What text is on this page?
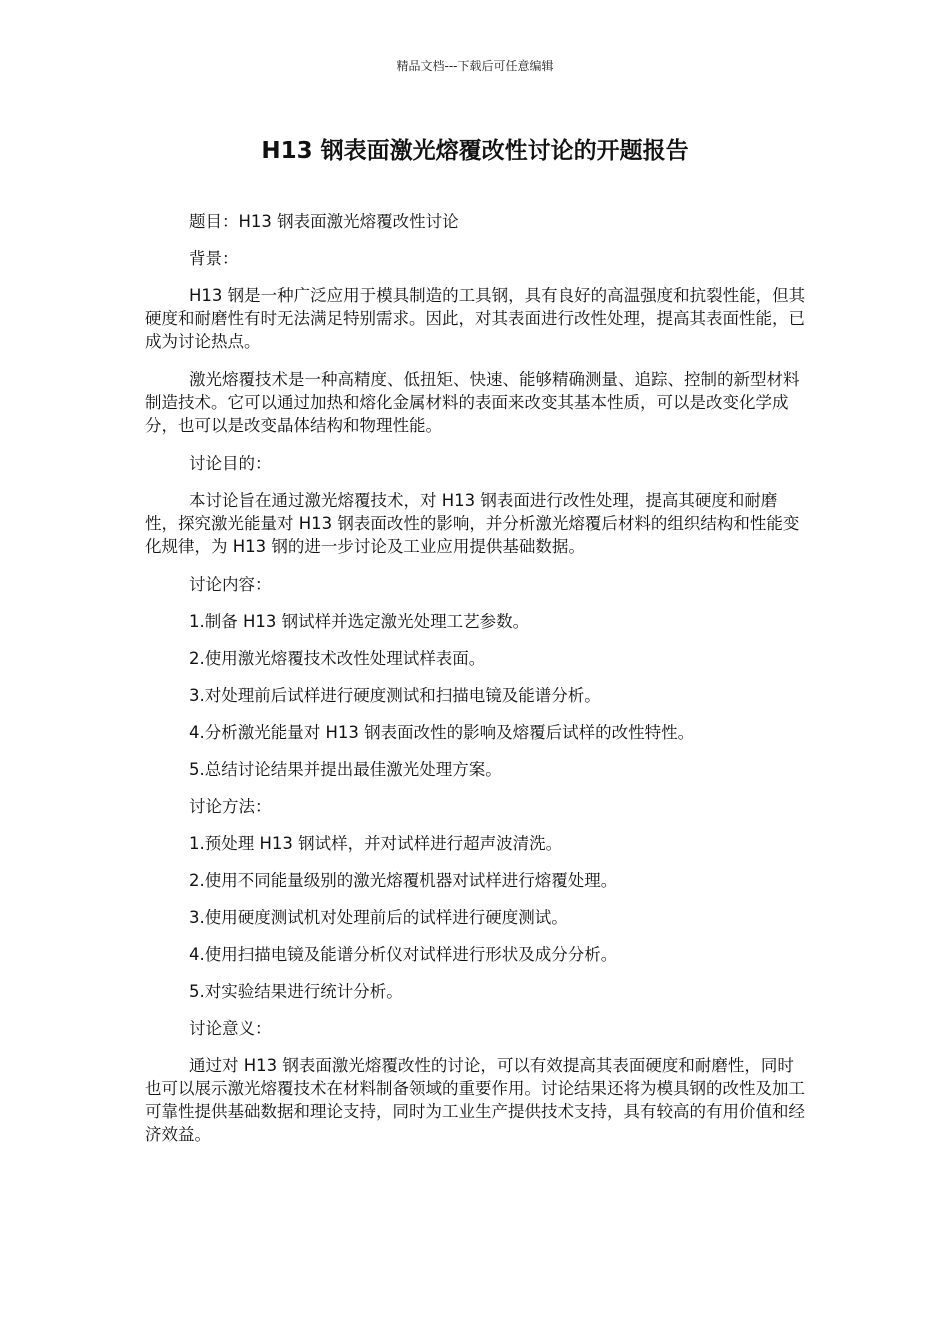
精品文档---下载后可任意编辑
H13 钢表面激光熔覆改性讨论的开题报告

题目：H13 钢表面激光熔覆改性讨论

背景：

H13 钢是一种广泛应用于模具制造的工具钢，具有良好的高温强度和抗裂性能，但其硬度和耐磨性有时无法满足特别需求。因此，对其表面进行改性处理，提高其表面性能，已成为讨论热点。

激光熔覆技术是一种高精度、低扭矩、快速、能够精确测量、追踪、控制的新型材料制造技术。它可以通过加热和熔化金属材料的表面来改变其基本性质，可以是改变化学成分，也可以是改变晶体结构和物理性能。

讨论目的：

本讨论旨在通过激光熔覆技术，对 H13 钢表面进行改性处理，提高其硬度和耐磨性，探究激光能量对 H13 钢表面改性的影响，并分析激光熔覆后材料的组织结构和性能变化规律，为 H13 钢的进一步讨论及工业应用提供基础数据。

讨论内容：

1.制备 H13 钢试样并选定激光处理工艺参数。

2.使用激光熔覆技术改性处理试样表面。

3.对处理前后试样进行硬度测试和扫描电镜及能谱分析。

4.分析激光能量对 H13 钢表面改性的影响及熔覆后试样的改性特性。

5.总结讨论结果并提出最佳激光处理方案。

讨论方法：

1.预处理 H13 钢试样，并对试样进行超声波清洗。

2.使用不同能量级别的激光熔覆机器对试样进行熔覆处理。

3.使用硬度测试机对处理前后的试样进行硬度测试。

4.使用扫描电镜及能谱分析仪对试样进行形状及成分分析。

5.对实验结果进行统计分析。

讨论意义：

通过对 H13 钢表面激光熔覆改性的讨论，可以有效提高其表面硬度和耐磨性，同时也可以展示激光熔覆技术在材料制备领域的重要作用。讨论结果还将为模具钢的改性及加工可靠性提供基础数据和理论支持，同时为工业生产提供技术支持，具有较高的有用价值和经济效益。
